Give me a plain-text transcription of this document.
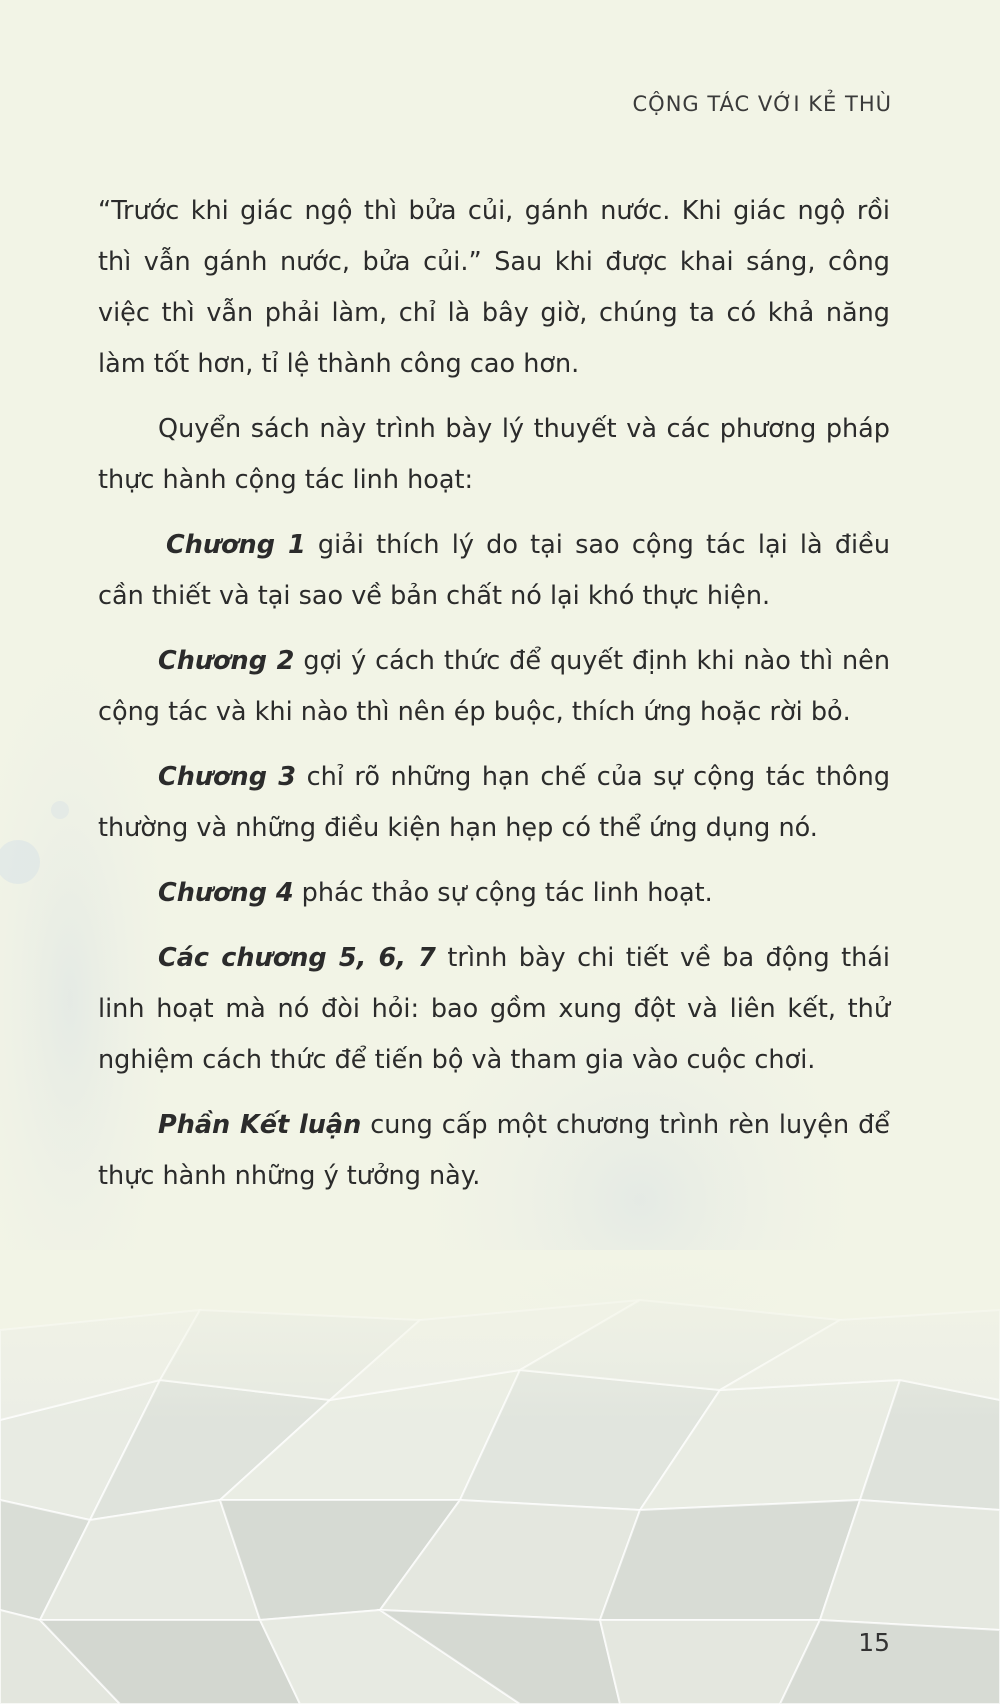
CỘNG TÁC VỚI KẺ THÙ

“Trước khi giác ngộ thì bửa củi, gánh nước. Khi giác ngộ rồi thì vẫn gánh nước, bửa củi.” Sau khi được khai sáng, công việc thì vẫn phải làm, chỉ là bây giờ, chúng ta có khả năng làm tốt hơn, tỉ lệ thành công cao hơn.

Quyển sách này trình bày lý thuyết và các phương pháp thực hành cộng tác linh hoạt:

Chương 1 giải thích lý do tại sao cộng tác lại là điều cần thiết và tại sao về bản chất nó lại khó thực hiện.

Chương 2 gợi ý cách thức để quyết định khi nào thì nên cộng tác và khi nào thì nên ép buộc, thích ứng hoặc rời bỏ.

Chương 3 chỉ rõ những hạn chế của sự cộng tác thông thường và những điều kiện hạn hẹp có thể ứng dụng nó.

Chương 4 phác thảo sự cộng tác linh hoạt.

Các chương 5, 6, 7 trình bày chi tiết về ba động thái linh hoạt mà nó đòi hỏi: bao gồm xung đột và liên kết, thử nghiệm cách thức để tiến bộ và tham gia vào cuộc chơi.

Phần Kết luận cung cấp một chương trình rèn luyện để thực hành những ý tưởng này.

15
